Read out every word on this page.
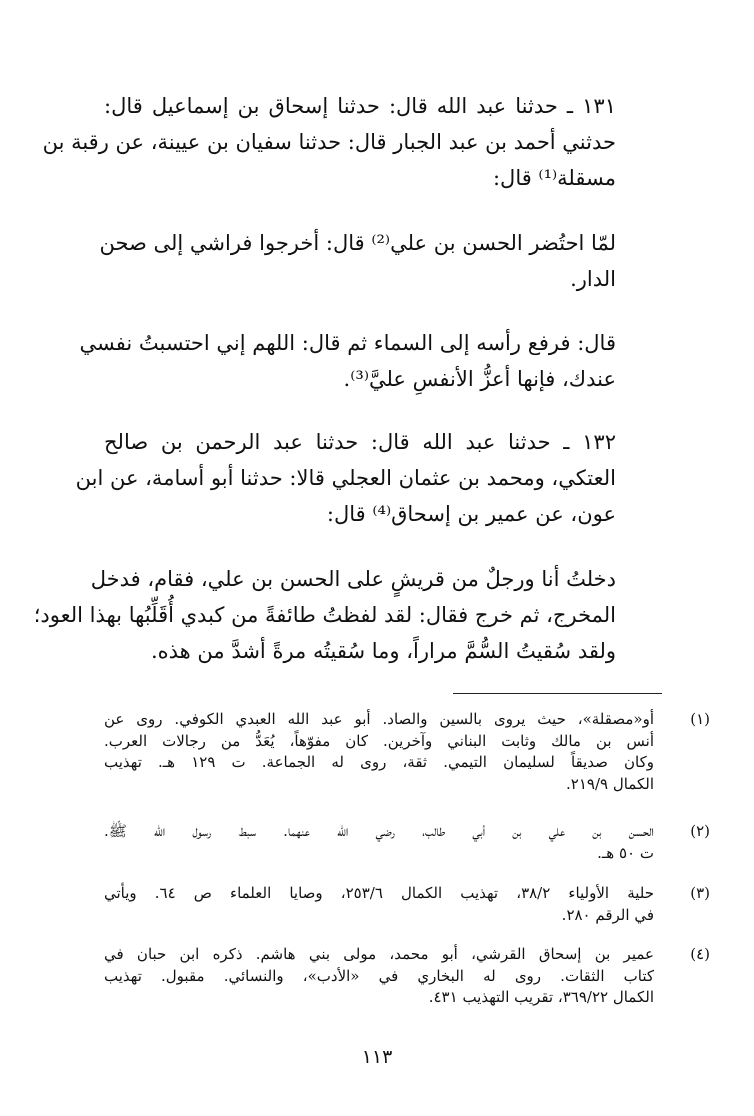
١٣١ ـ حدثنا عبد الله قال: حدثنا إسحاق بن إسماعيل قال:
حدثني أحمد بن عبد الجبار قال: حدثنا سفيان بن عيينة، عن رقبة بن
مسقلة⁽¹⁾ قال:
لمّا احتُضر الحسن بن علي⁽²⁾ قال: أخرجوا فراشي إلى صحن
الدار.
قال: فرفع رأسه إلى السماء ثم قال: اللهم إني احتسبتُ نفسي
عندك، فإنها أعزُّ الأنفسِ عليَّ⁽³⁾.
١٣٢ ـ حدثنا عبد الله قال: حدثنا عبد الرحمن بن صالح
العتكي، ومحمد بن عثمان العجلي قالا: حدثنا أبو أسامة، عن ابن
عون، عن عمير بن إسحاق⁽⁴⁾ قال:
دخلتُ أنا ورجلٌ من قريشٍ على الحسن بن علي، فقام، فدخل
المخرج، ثم خرج فقال: لقد لفظتُ طائفةً من كبدي أُقَلِّبُها بهذا العود؛
ولقد سُقيتُ السُّمَّ مراراً، وما سُقيتُه مرةً أشدَّ من هذه.
(١)
أو«مصقلة»، حيث يروى بالسين والصاد. أبو عبد الله العبدي الكوفي. روى عن
أنس بن مالك وثابت البناني وآخرين. كان مفوّهاً، يُعَدُّ من رجالات العرب.
وكان صديقاً لسليمان التيمي. ثقة، روى له الجماعة. ت ١٢٩ هـ. تهذيب
الكمال ٢١٩/٩.
(٢)
الحسن بن علي بن أبي طالب، رضي الله عنهما. سبط رسول الله ﷺ.
ت ٥٠ هـ.
(٣)
حلية الأولياء ٣٨/٢، تهذيب الكمال ٢٥٣/٦، وصايا العلماء ص ٦٤. ويأتي
في الرقم ٢٨٠.
(٤)
عمير بن إسحاق القرشي، أبو محمد، مولى بني هاشم. ذكره ابن حبان في
كتاب الثقات. روى له البخاري في «الأدب»، والنسائي. مقبول. تهذيب
الكمال ٣٦٩/٢٢، تقريب التهذيب ٤٣١.
١١٣
